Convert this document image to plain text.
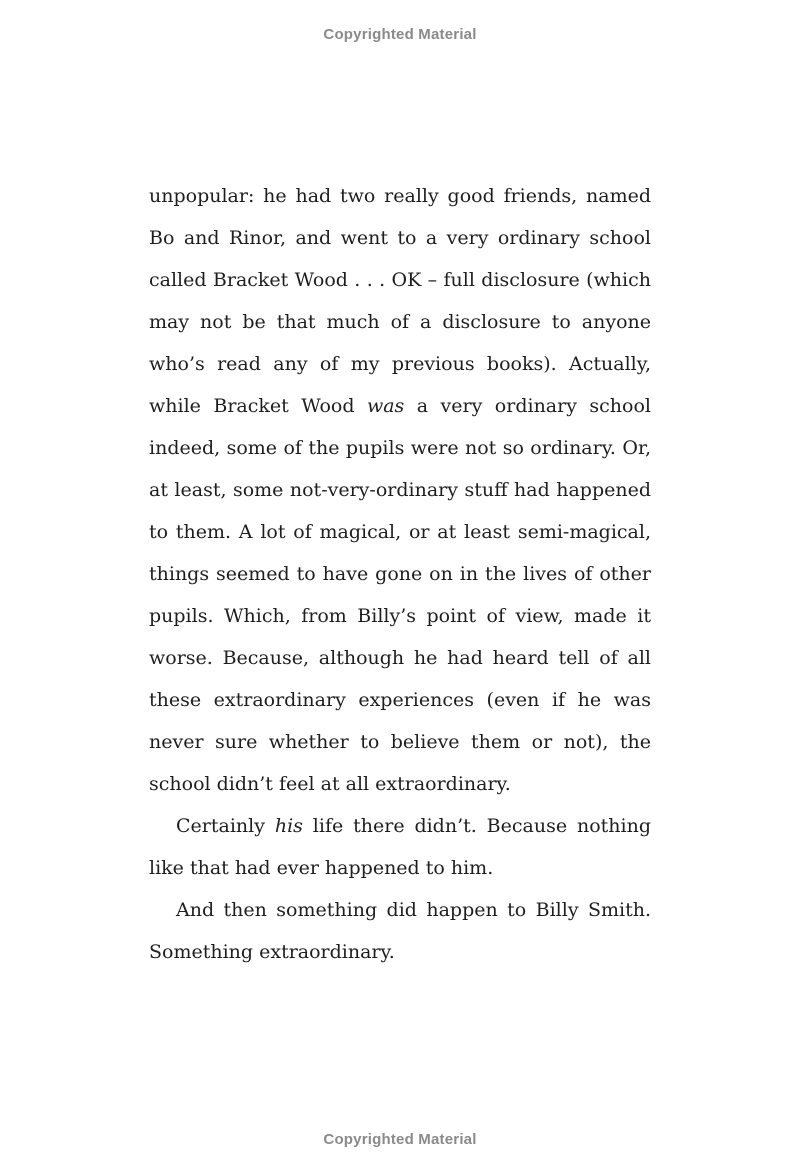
Copyrighted Material

unpopular: he had two really good friends, named Bo and Rinor, and went to a very ordinary school called Bracket Wood . . . OK – full disclosure (which may not be that much of a disclosure to anyone who’s read any of my previous books). Actually, while Bracket Wood was a very ordinary school indeed, some of the pupils were not so ordinary. Or, at least, some not-very-ordinary stuff had happened to them. A lot of magical, or at least semi-magical, things seemed to have gone on in the lives of other pupils. Which, from Billy’s point of view, made it worse. Because, although he had heard tell of all these extraordinary experiences (even if he was never sure whether to believe them or not), the school didn’t feel at all extraordinary.

Certainly his life there didn’t. Because nothing like that had ever happened to him.

And then something did happen to Billy Smith. Something extraordinary.

Copyrighted Material
